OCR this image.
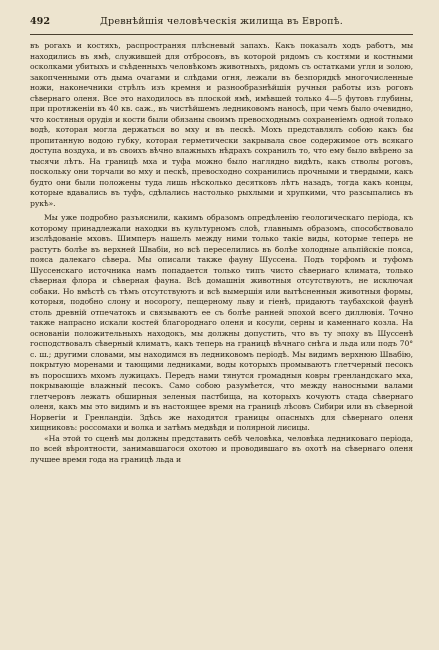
492	Древнѣйшія человѣческія жилища въ Европѣ.

въ рогахъ и костяхъ, распространяя плѣсневый запахъ. Какъ показалъ ходъ работъ, мы находились въ ямѣ, служившей для отбросовъ, въ которой рядомъ съ костями и костными осколками убитыхъ и съѣденныхъ человѣкомъ животныхъ, рядомъ съ остатками угля и золою, закопченными отъ дыма очагами и слѣдами огня, лежали въ безпорядкѣ многочисленные ножи, наконечники стрѣлъ изъ кремня и разнообразнѣйшія ручныя работы изъ роговъ сѣвернаго оленя. Все это находилось въ плоской ямѣ, имѣвшей только 4—5 футовъ глубины, при протяженіи въ 40 кв. саж., въ чистѣйшемъ ледниковомъ наносѣ, при чемъ было очевидно, что костяныя орудія и кости были обязаны своимъ превосходнымъ сохраненіемъ одной только водѣ, которая могла держаться во мху и въ пескѣ. Мохъ представлялъ собою какъ бы пропитанную водою губку, которая герметически закрывала свое содержимое отъ всякаго доступа воздуха, и въ своихъ вѣчно влажныхъ нѣдрахъ сохранилъ то, что ему было ввѣрено за тысячи лѣтъ. На границѣ мха и туфа можно было наглядно видѣть, какъ стволы роговъ, поскольку они торчали во мху и пескѣ, превосходно сохранились прочными и твердыми, какъ будто они были положены туда лишь нѣсколько десятковъ лѣтъ назадъ, тогда какъ концы, которые вдавались въ туфъ, сдѣлались настолько рыхлыми и хрупкими, что разсыпались въ рукѣ».

Мы уже подробно разъяснили, какимъ образомъ опредѣленію геологическаго періода, къ которому принадлежали находки въ культурномъ слоѣ, главнымъ образомъ, способствовало изслѣдованіе мховъ. Шимперъ нашелъ между ними только такіе виды, которые теперь не растутъ болѣе въ верхней Швабіи, но всѣ переселились въ болѣе холодные альпійскіе пояса, пояса далекаго сѣвера. Мы описали также фауну Шуссена. Подъ торфомъ и туфомъ Шуссенскаго источника намъ попадается только типъ чисто сѣвернаго климата, только сѣверная флора и сѣверная фауна. Всѣ домашнія животныя отсутствуютъ, не исключая собаки. Но вмѣстѣ съ тѣмъ отсутствуютъ и всѣ вымершія или вытѣсненныя животныя формы, которыя, подобно слону и носорогу, пещерному льву и гіенѣ, придаютъ таубахской фаунѣ столь древній отпечатокъ и связываютъ ее съ болѣе ранней эпохой всего диллювія. Точно также напрасно искали костей благороднаго оленя и косули, серны и каменнаго козла. На основаніи положительныхъ находокъ, мы должны допустить, что въ ту эпоху въ Шуссенѣ господствовалъ сѣверный климатъ, какъ теперь на границѣ вѣчнаго снѣга и льда или подъ 70° с. ш.; другими словами, мы находимся въ ледниковомъ періодѣ. Мы видимъ верхнюю Швабію, покрытую моренами и тающими ледниками, воды которыхъ промываютъ глетчерный песокъ въ поросшихъ мхомъ лужицахъ. Передъ нами тянутся громадныя ковры гренландскаго мха, покрывающіе влажный песокъ. Само собою разумѣется, что между наносными валами глетчеровъ лежатъ обширныя зеленыя пастбища, на которыхъ кочуютъ стада сѣвернаго оленя, какъ мы это видимъ и въ настоящее время на границѣ лѣсовъ Сибири или въ сѣверной Норвегіи и Гренландіи. Здѣсь же находятся границы опасныхъ для сѣвернаго оленя хищниковъ: россомахи и волка и затѣмъ медвѣдя и полярной лисицы.

«На этой то сценѣ мы должны представить себѣ человѣка, человѣка ледниковаго періода, по всей вѣроятности, занимавшагося охотою и проводившаго въ охотѣ на сѣвернаго оленя лучшее время года на границѣ льда и
